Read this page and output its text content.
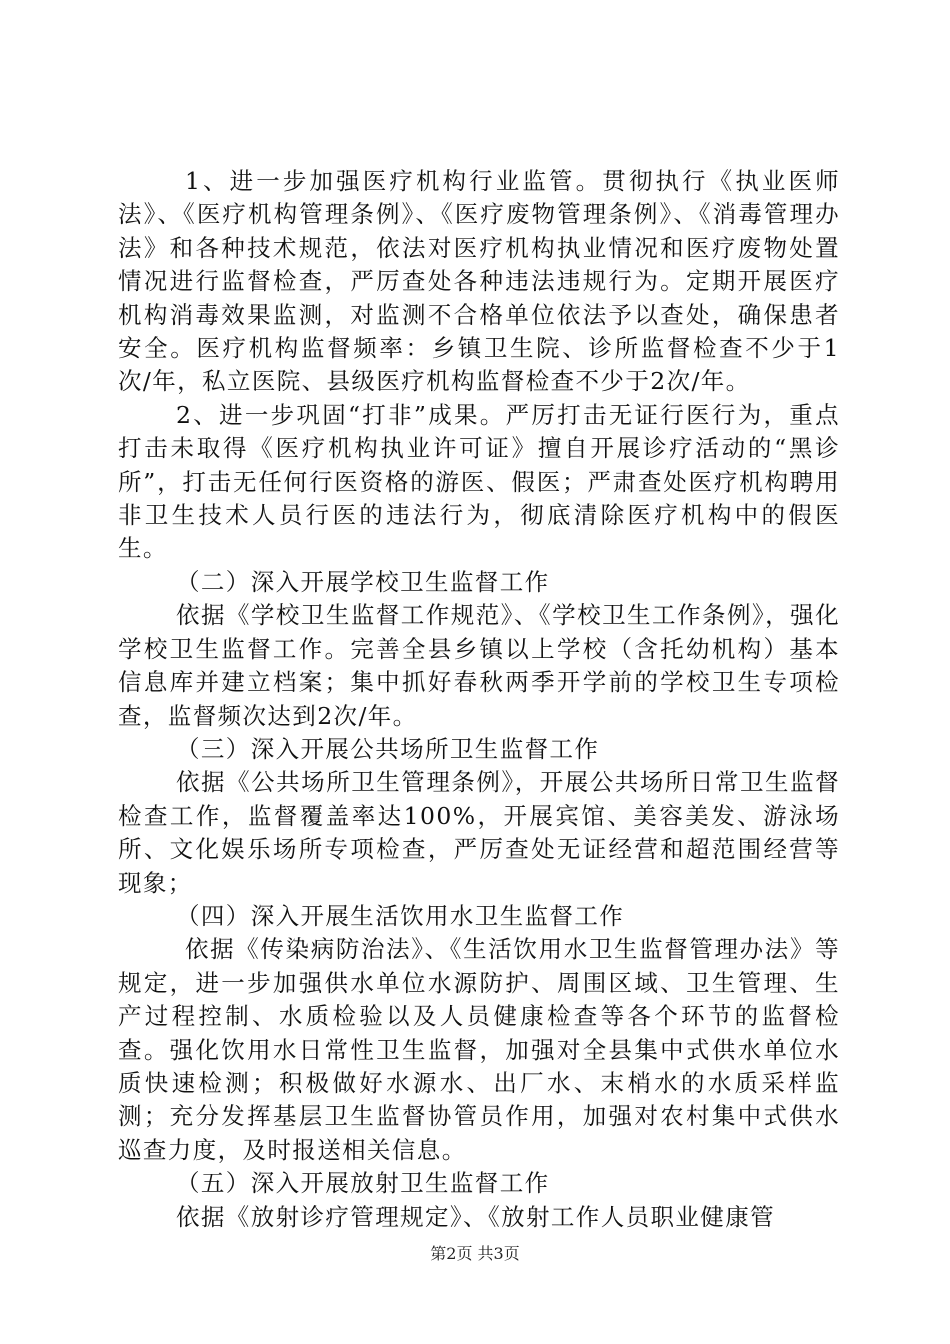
1、进一步加强医疗机构行业监管。贯彻执行《执业医师法》、《医疗机构管理条例》、《医疗废物管理条例》、《消毒管理办法》和各种技术规范，依法对医疗机构执业情况和医疗废物处置情况进行监督检查，严厉查处各种违法违规行为。定期开展医疗机构消毒效果监测，对监测不合格单位依法予以查处，确保患者安全。医疗机构监督频率：乡镇卫生院、诊所监督检查不少于1次/年，私立医院、县级医疗机构监督检查不少于2次/年。

2、进一步巩固“打非”成果。严厉打击无证行医行为，重点打击未取得《医疗机构执业许可证》擅自开展诊疗活动的“黑诊所”，打击无任何行医资格的游医、假医；严肃查处医疗机构聘用非卫生技术人员行医的违法行为，彻底清除医疗机构中的假医生。

（二）深入开展学校卫生监督工作

依据《学校卫生监督工作规范》、《学校卫生工作条例》，强化学校卫生监督工作。完善全县乡镇以上学校（含托幼机构）基本信息库并建立档案；集中抓好春秋两季开学前的学校卫生专项检查，监督频次达到2次/年。

（三）深入开展公共场所卫生监督工作

依据《公共场所卫生管理条例》，开展公共场所日常卫生监督检查工作，监督覆盖率达100%，开展宾馆、美容美发、游泳场所、文化娱乐场所专项检查，严厉查处无证经营和超范围经营等现象；

（四）深入开展生活饮用水卫生监督工作

依据《传染病防治法》、《生活饮用水卫生监督管理办法》等规定，进一步加强供水单位水源防护、周围区域、卫生管理、生产过程控制、水质检验以及人员健康检查等各个环节的监督检查。强化饮用水日常性卫生监督，加强对全县集中式供水单位水质快速检测；积极做好水源水、出厂水、末梢水的水质采样监测；充分发挥基层卫生监督协管员作用，加强对农村集中式供水巡查力度，及时报送相关信息。

（五）深入开展放射卫生监督工作

依据《放射诊疗管理规定》、《放射工作人员职业健康管

第2页 共3页
